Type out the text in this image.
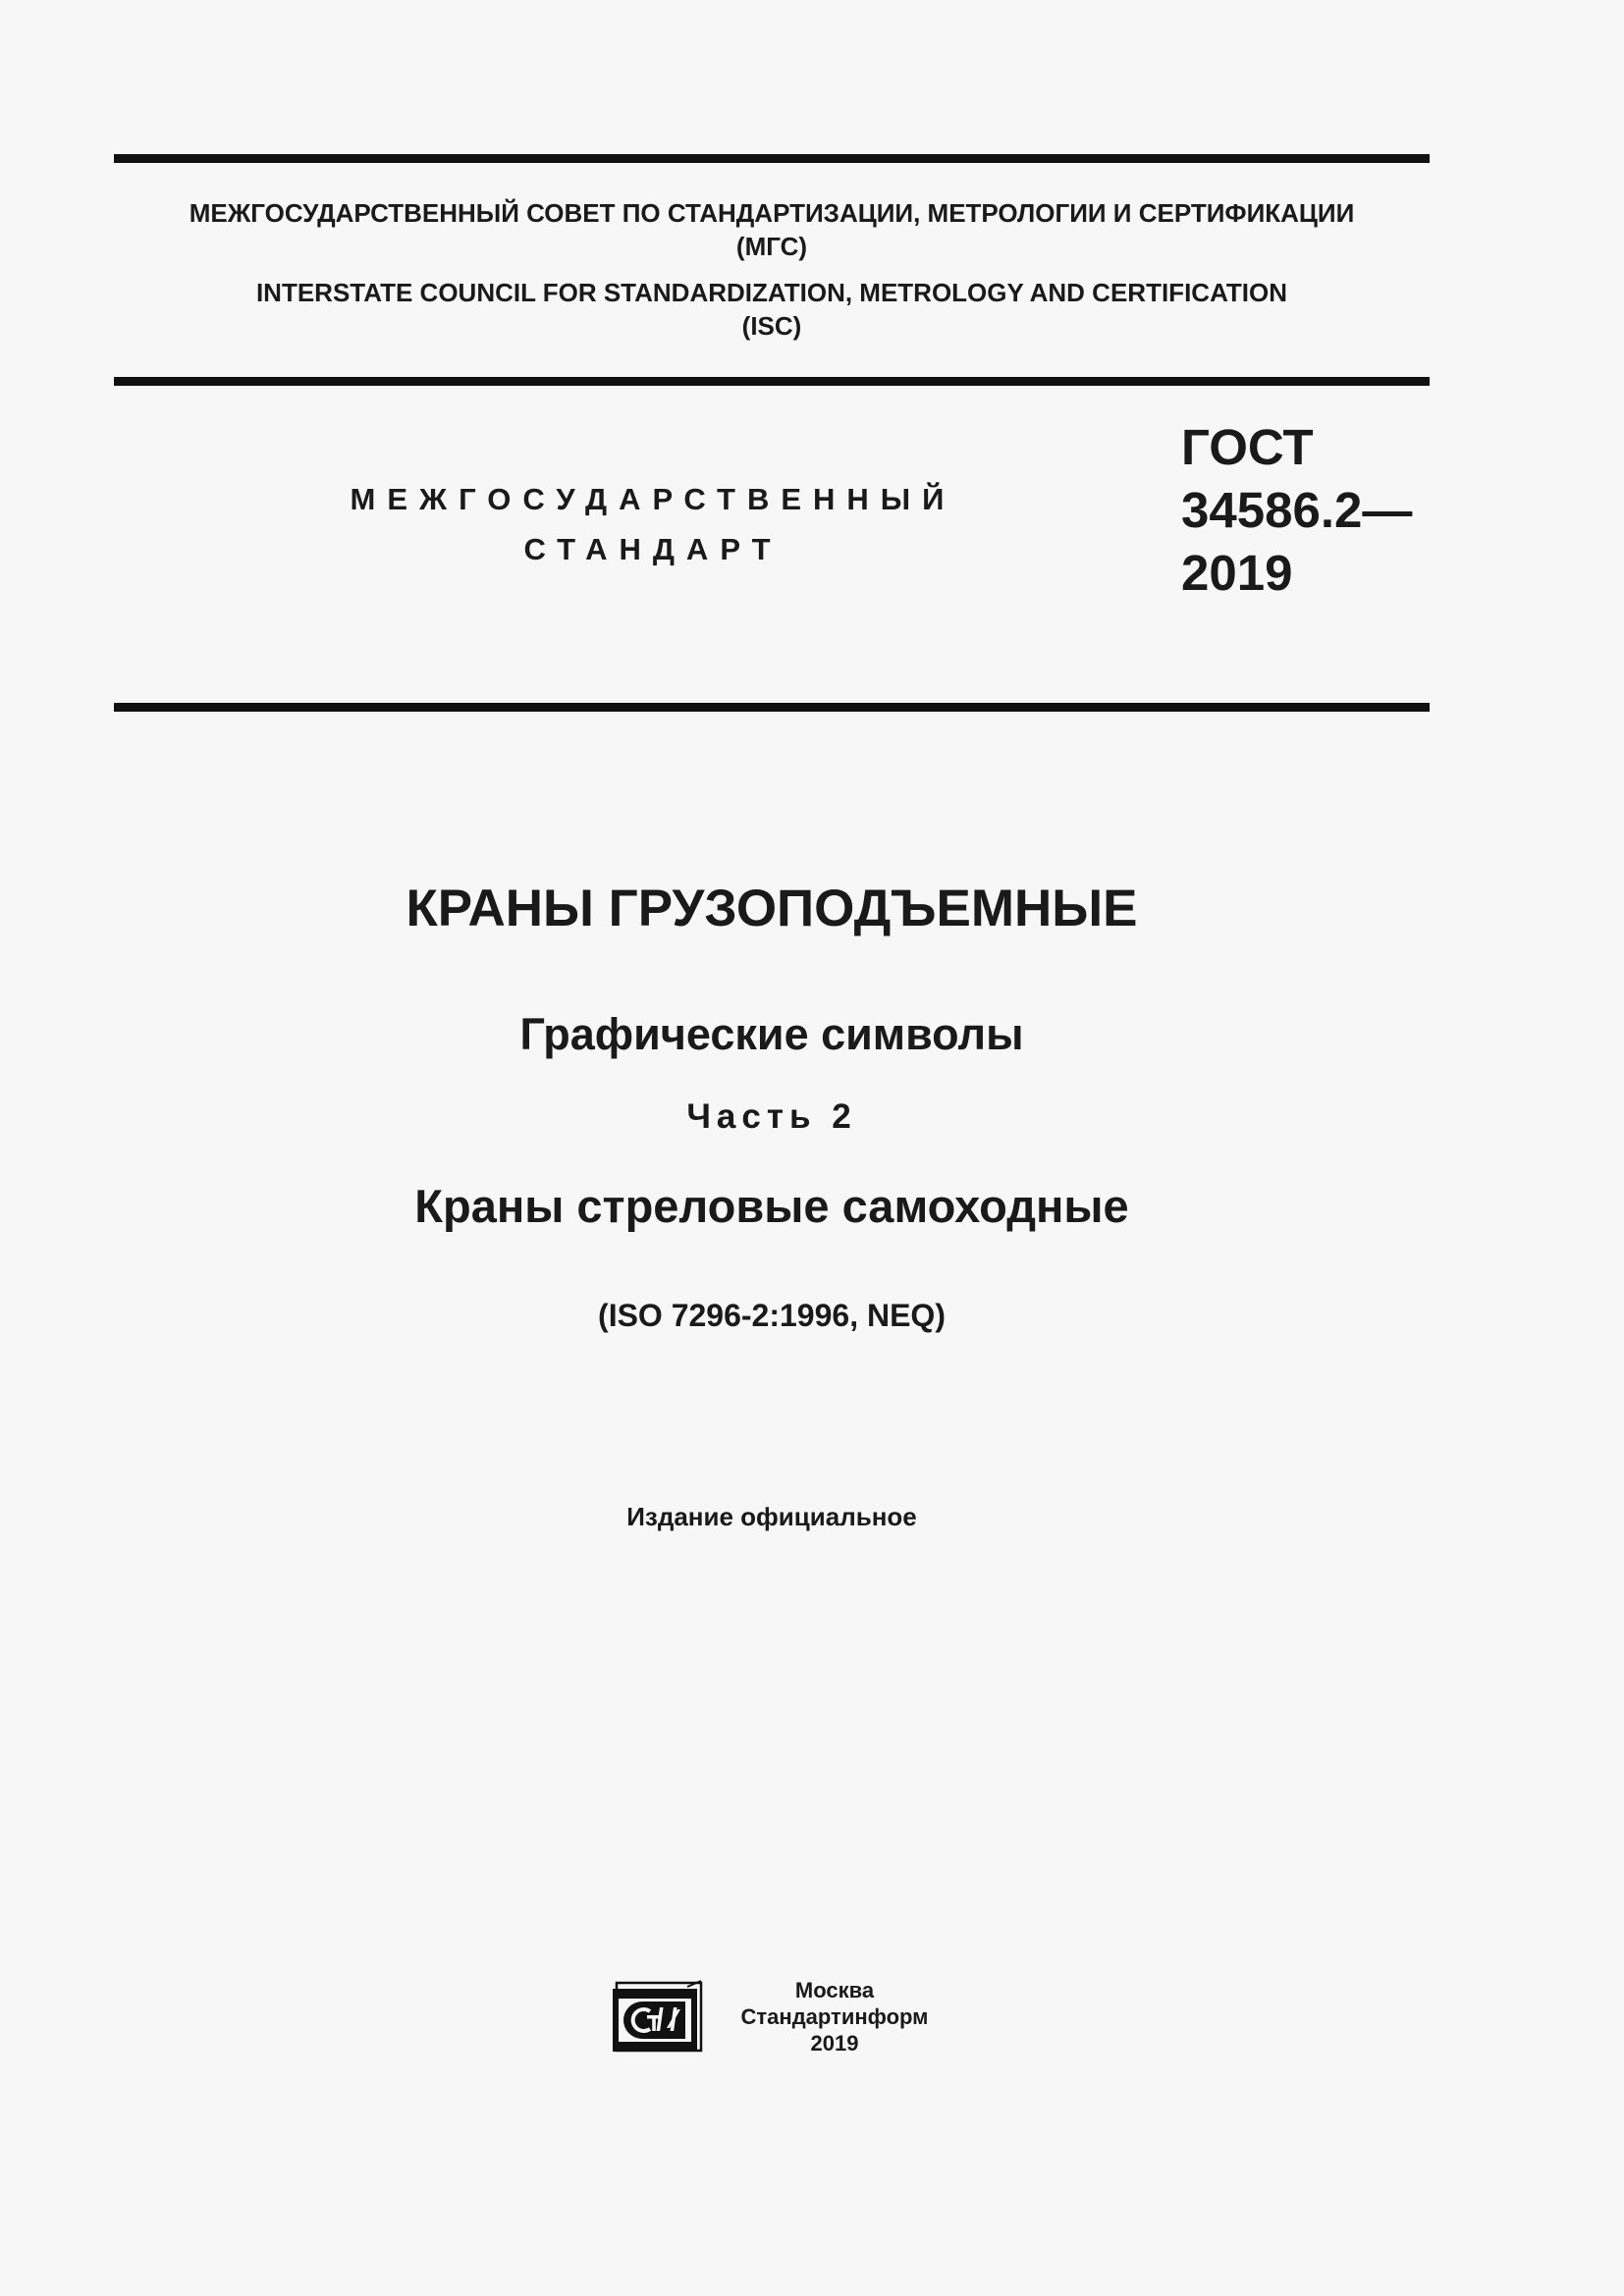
МЕЖГОСУДАРСТВЕННЫЙ СОВЕТ ПО СТАНДАРТИЗАЦИИ, МЕТРОЛОГИИ И СЕРТИФИКАЦИИ
(МГС)
INTERSTATE COUNCIL FOR STANDARDIZATION, METROLOGY AND CERTIFICATION
(ISC)
МЕЖГОСУДАРСТВЕННЫЙ
СТАНДАРТ
ГОСТ
34586.2—
2019
КРАНЫ ГРУЗОПОДЪЕМНЫЕ
Графические символы
Часть 2
Краны стреловые самоходные
(ISO 7296-2:1996, NEQ)
Издание официальное
Москва
Стандартинформ
2019
